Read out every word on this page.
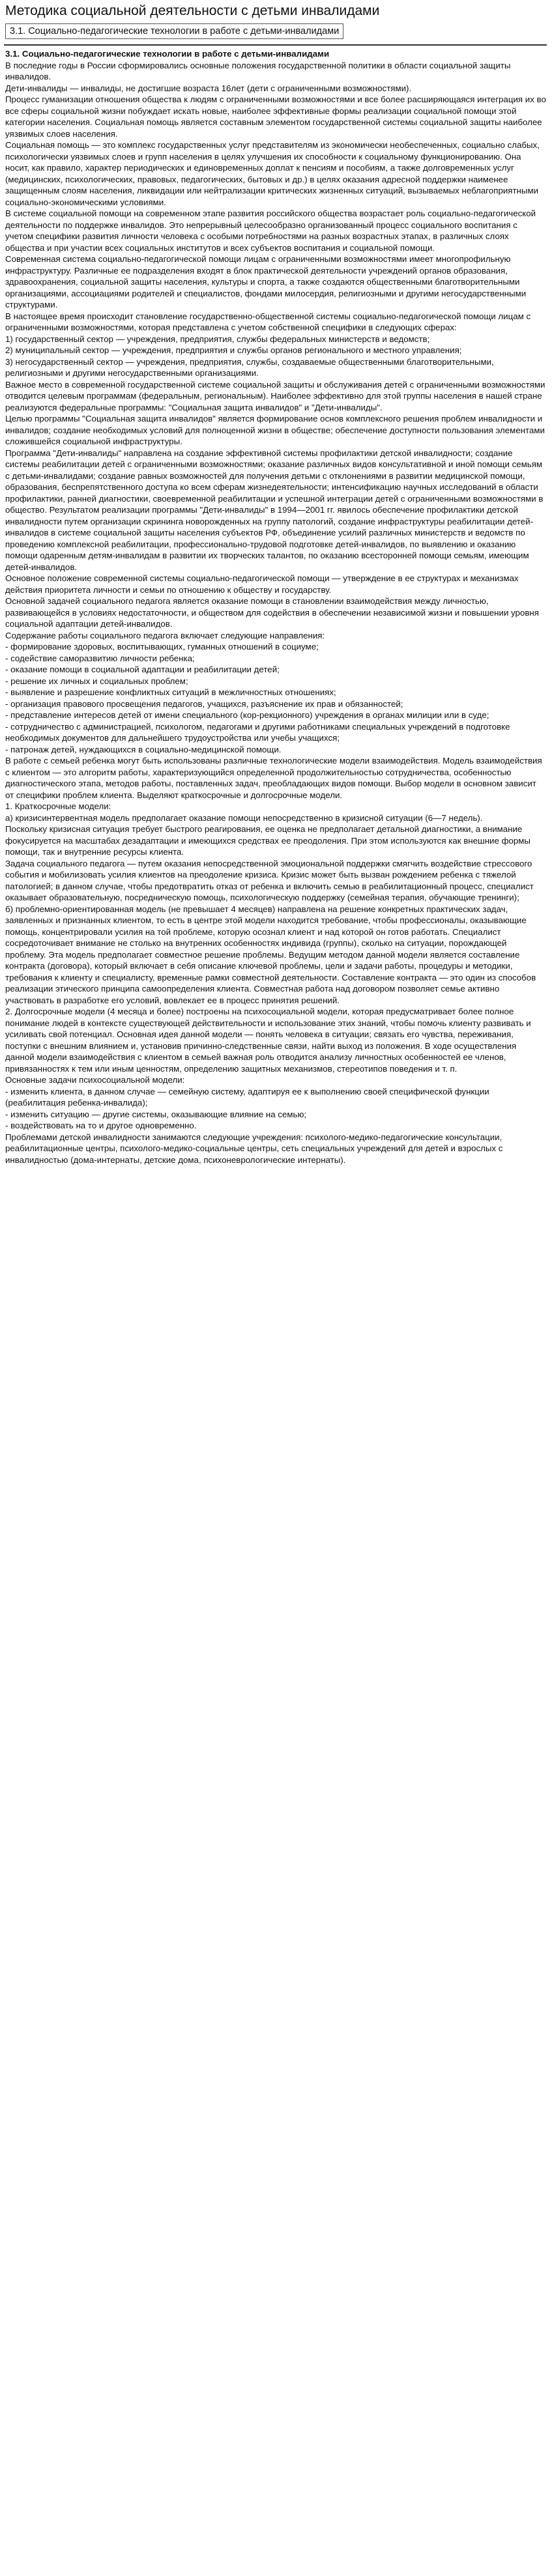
Методика социальной деятельности с детьми инвалидами
3.1. Социально-педагогические технологии в работе с детьми-инвалидами

3.1. Социально-педагогические технологии в работе с детьми-инвалидами

В последние годы в России сформировались основные положения государственной политики в области социальной защиты инвалидов.

Дети-инвалиды — инвалиды, не достигшие возраста 16лет (дети с ограниченными возможностями).

Процесс гуманизации отношения общества к людям с ограниченными возможностями и все более расширяющаяся интеграция их во все сферы социальной жизни побуждает искать новые, наиболее эффективные формы реализации социальной помощи этой категории населения. Социальная помощь является составным элементом государственной системы социальной защиты наиболее уязвимых слоев населения.

Социальная помощь — это комплекс государственных услуг представителям из экономически необеспеченных, социально слабых, психологически уязвимых слоев и групп населения в целях улучшения их способности к социальному функционированию. Она носит, как правило, характер периодических и единовременных доплат к пенсиям и пособиям, а также долговременных услуг (медицинских, психологических, правовых, педагогических, бытовых и др.) в целях оказания адресной поддержки наименее защищенным слоям населения, ликвидации или нейтрализации критических жизненных ситуаций, вызываемых неблагоприятными социально-экономическими условиями.

В системе социальной помощи на современном этапе развития российского общества возрастает роль социально-педагогической деятельности по поддержке инвалидов. Это непрерывный целесообразно организованный процесс социального воспитания с учетом специфики развития личности человека с особыми потребностями на разных возрастных этапах, в различных слоях общества и при участии всех социальных институтов и всех субъектов воспитания и социальной помощи.

Современная система социально-педагогической помощи лицам с ограниченными возможностями имеет многопрофильную инфраструктуру. Различные ее подразделения входят в блок практической деятельности учреждений органов образования, здравоохранения, социальной защиты населения, культуры и спорта, а также создаются общественными благотворительными организациями, ассоциациями родителей и специалистов, фондами милосердия, религиозными и другими негосударственными структурами.

В настоящее время происходит становление государственно-общественной системы социально-педагогической помощи лицам с ограниченными возможностями, которая представлена с учетом собственной специфики в следующих сферах:

1) государственный сектор — учреждения, предприятия, службы федеральных министерств и ведомств;

2) муниципальный сектор — учреждения, предприятия и службы органов регионального и местного управления;

3) негосударственный сектор — учреждения, предприятия, службы, создаваемые общественными благотворительными, религиозными и другими негосударственными организациями.

Важное место в современной государственной системе социальной защиты и обслуживания детей с ограниченными возможностями отводится целевым программам (федеральным, региональным). Наиболее эффективно для этой группы населения в нашей стране реализуются федеральные программы: "Социальная защита инвалидов" и "Дети-инвалиды".

Целью программы "Социальная защита инвалидов" является формирование основ комплексного решения проблем инвалидности и инвалидов; создание необходимых условий для полноценной жизни в обществе; обеспечение доступности пользования элементами сложившейся социальной инфраструктуры.

Программа "Дети-инвалиды" направлена на создание эффективной системы профилактики детской инвалидности; создание системы реабилитации детей с ограниченными возможностями; оказание различных видов консультативной и иной помощи семьям с детьми-инвалидами; создание равных возможностей для получения детьми с отклонениями в развитии медицинской помощи, образования, беспрепятственного доступа ко всем сферам жизнедеятельности; интенсификацию научных исследований в области профилактики, ранней диагностики, своевременной реабилитации и успешной интеграции детей с ограниченными возможностями в общество. Результатом реализации программы "Дети-инвалиды" в 1994—2001 гг. явилось обеспечение профилактики детской инвалидности путем организации скрининга новорожденных на группу патологий, создание инфраструктуры реабилитации детей-инвалидов в системе социальной защиты населения субъектов РФ, объединение усилий различных министерств и ведомств по проведению комплексной реабилитации, профессионально-трудовой подготовке детей-инвалидов, по выявлению и оказанию помощи одаренным детям-инвалидам в развитии их творческих талантов, по оказанию всесторонней помощи семьям, имеющим детей-инвалидов.

Основное положение современной системы социально-педагогической помощи — утверждение в ее структурах и механизмах действия приоритета личности и семьи по отношению к обществу и государству.

Основной задачей социального педагога является оказание помощи в становлении взаимодействия между личностью, развивающейся в условиях недостаточности, и обществом для содействия в обеспечении независимой жизни и повышении уровня социальной адаптации детей-инвалидов.

Содержание работы социального педагога включает следующие направления:

- формирование здоровых, воспитывающих, гуманных отношений в социуме;

- содействие саморазвитию личности ребенка;

- оказание помощи в социальной адаптации и реабилитации детей;

- решение их личных и социальных проблем;

- выявление и разрешение конфликтных ситуаций в межличностных отношениях;

- организация правового просвещения педагогов, учащихся, разъяснение их прав и обязанностей;

- представление интересов детей от имени специального (кор-рекционного) учреждения в органах милиции или в суде;

- сотрудничество с администрацией, психологом, педагогами и другими работниками специальных учреждений в подготовке необходимых документов для дальнейшего трудоустройства или учебы учащихся;

- патронаж детей, нуждающихся в социально-медицинской помощи.

В работе с семьей ребенка могут быть использованы различные технологические модели взаимодействия. Модель взаимодействия с клиентом — это алгоритм работы, характеризующийся определенной продолжительностью сотрудничества, особенностью диагностического этапа, методов работы, поставленных задач, преобладающих видов помощи. Выбор модели в основном зависит от специфики проблем клиента. Выделяют краткосрочные и долгосрочные модели.

1. Краткосрочные модели:

а) кризисинтервентная модель предполагает оказание помощи непосредственно в кризисной ситуации (6—7 недель).

Поскольку кризисная ситуация требует быстрого реагирования, ее оценка не предполагает детальной диагностики, а внимание фокусируется на масштабах дезадаптации и имеющихся средствах ее преодоления. При этом используются как внешние формы помощи, так и внутренние ресурсы клиента.

Задача социального педагога — путем оказания непосредственной эмоциональной поддержки смягчить воздействие стрессового события и мобилизовать усилия клиентов на преодоление кризиса. Кризис может быть вызван рождением ребенка с тяжелой патологией; в данном случае, чтобы предотвратить отказ от ребенка и включить семью в реабилитационный процесс, специалист оказывает образовательную, посредническую помощь, психологическую поддержку (семейная терапия, обучающие тренинги);

б) проблемно-ориентированная модель (не превышает 4 месяцев) направлена на решение конкретных практических задач, заявленных и признанных клиентом, то есть в центре этой модели находится требование, чтобы профессионалы, оказывающие помощь, концентрировали усилия на той проблеме, которую осознал клиент и над которой он готов работать. Специалист сосредоточивает внимание не столько на внутренних особенностях индивида (группы), сколько на ситуации, порождающей проблему. Эта модель предполагает совместное решение проблемы. Ведущим методом данной модели является составление контракта (договора), который включает в себя описание ключевой проблемы, цели и задачи работы, процедуры и методики, требования к клиенту и специалисту, временные рамки совместной деятельности. Составление контракта — это один из способов реализации этического принципа самоопределения клиента. Совместная работа над договором позволяет семье активно участвовать в разработке его условий, вовлекает ее в процесс принятия решений.

2. Долгосрочные модели (4 месяца и более) построены на психосоциальной модели, которая предусматривает более полное понимание людей в контексте существующей действительности и использование этих знаний, чтобы помочь клиенту развивать и усиливать свой потенциал. Основная идея данной модели — понять человека в ситуации; связать его чувства, переживания, поступки с внешним влиянием и, установив причинно-следственные связи, найти выход из положения. В ходе осуществления данной модели взаимодействия с клиентом в семьей важная роль отводится анализу личностных особенностей ее членов, привязанностях к тем или иным ценностям, определению защитных механизмов, стереотипов поведения и т. п.

Основные задачи психосоциальной модели:

- изменить клиента, в данном случае — семейную систему, адаптируя ее к выполнению своей специфической функции (реабилитация ребенка-инвалида);

- изменить ситуацию — другие системы, оказывающие влияние на семью;

- воздействовать на то и другое одновременно.

Проблемами детской инвалидности занимаются следующие учреждения: психолого-медико-педагогические консультации, реабилитационные центры, психолого-медико-социальные центры, сеть специальных учреждений для детей и взрослых с инвалидностью (дома-интернаты, детские дома, психоневрологические интернаты).
